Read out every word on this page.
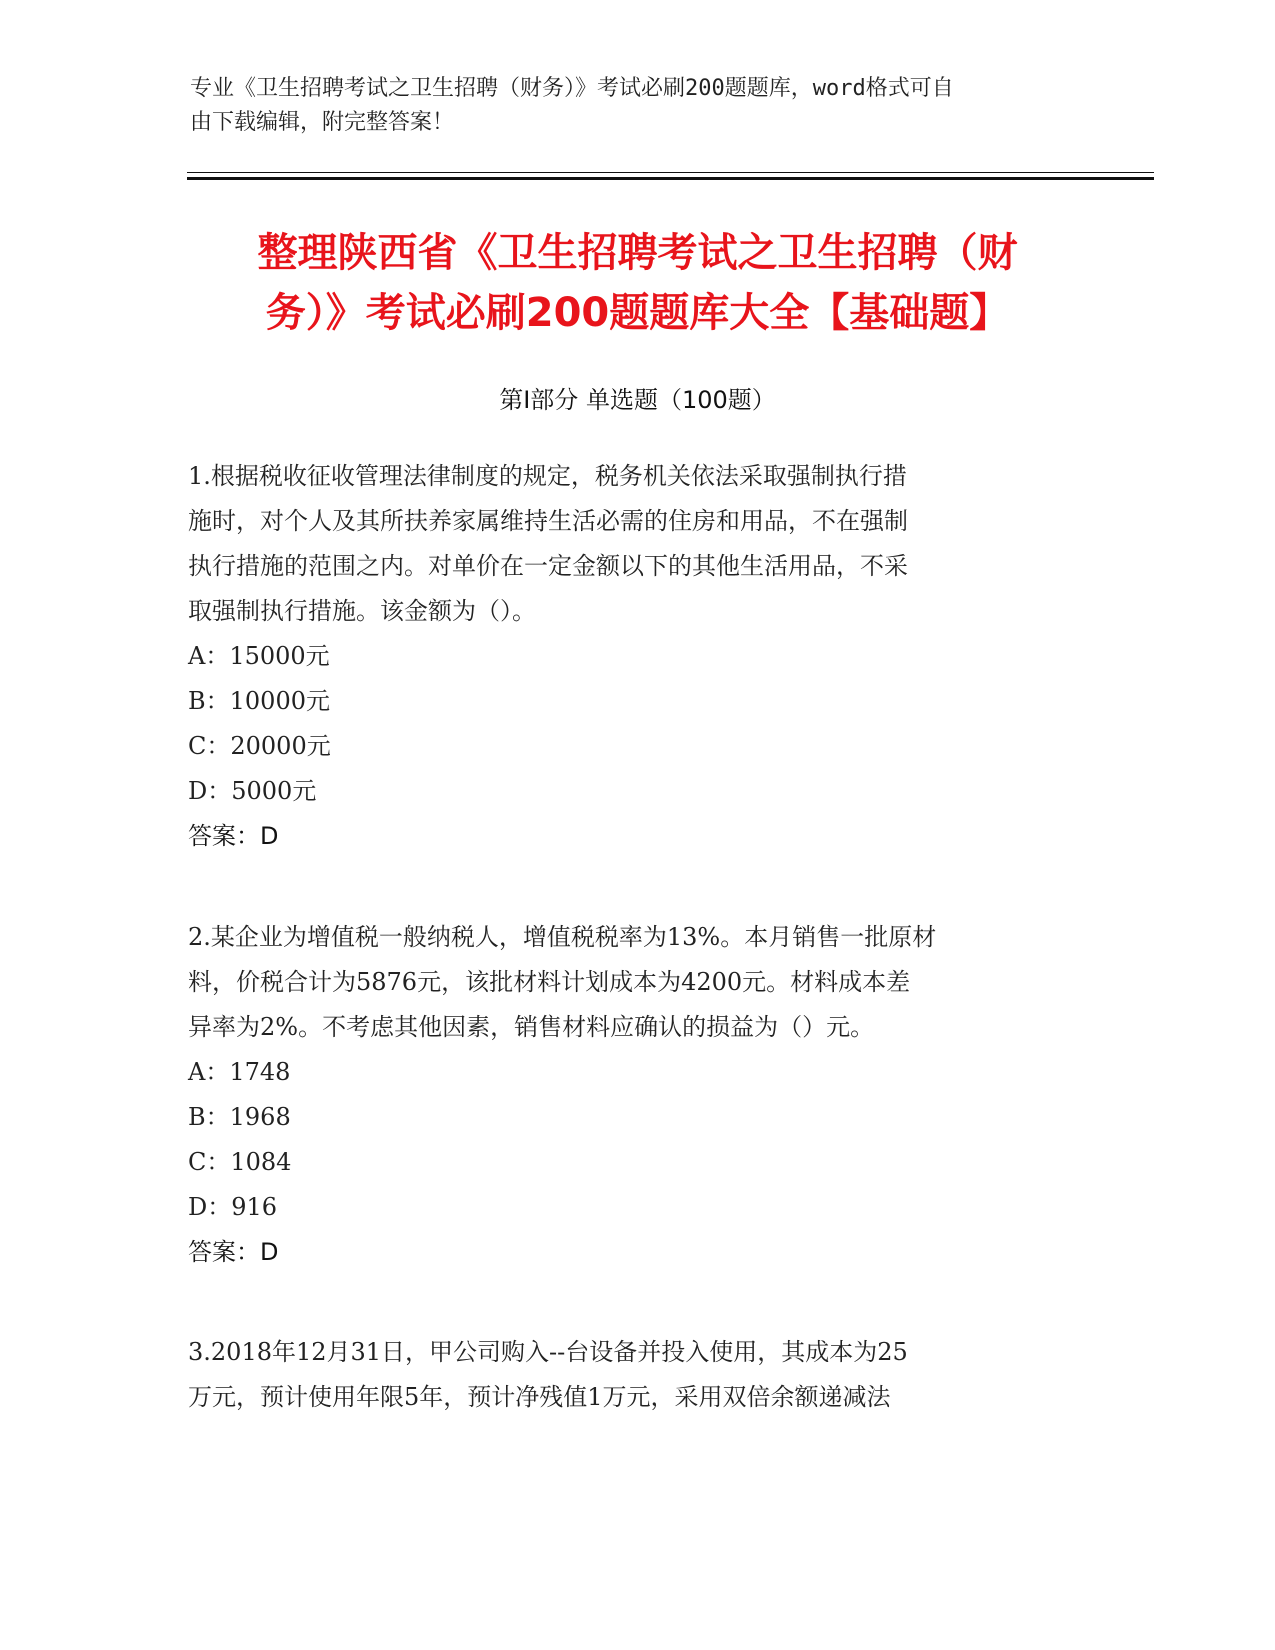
专业《卫生招聘考试之卫生招聘（财务）》考试必刷200题题库，word格式可自
由下载编辑，附完整答案！
整理陕西省《卫生招聘考试之卫生招聘（财
务）》考试必刷200题题库大全【基础题】
第Ⅰ部分 单选题（100题）

1.根据税收征收管理法律制度的规定，税务机关依法采取强制执行措

施时，对个人及其所扶养家属维持生活必需的住房和用品，不在强制

执行措施的范围之内。对单价在一定金额以下的其他生活用品，不采

取强制执行措施。该金额为（）。

A：15000元

B：10000元

C：20000元

D：5000元

答案：D

2.某企业为增值税一般纳税人，增值税税率为13%。本月销售一批原材

料，价税合计为5876元，该批材料计划成本为4200元。材料成本差

异率为2%。不考虑其他因素，销售材料应确认的损益为（）元。

A：1748

B：1968

C：1084

D：916

答案：D

3.2018年12月31日，甲公司购入--台设备并投入使用，其成本为25

万元，预计使用年限5年，预计净残值1万元，采用双倍余额递减法
